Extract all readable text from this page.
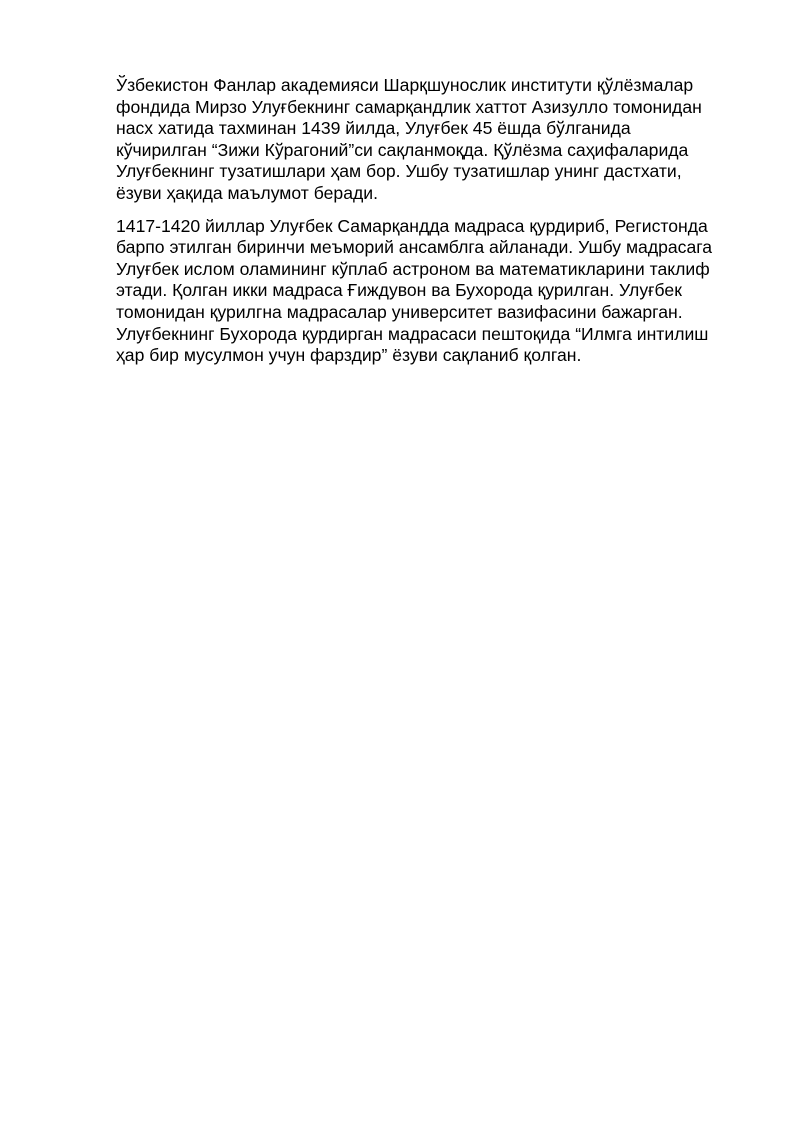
Ўзбекистон Фанлар академияси Шарқшунослик институти қўлёзмалар
фондида Мирзо Улуғбекнинг самарқандлик хаттот Азизулло томонидан
насх хатида тахминан 1439 йилда, Улуғбек 45 ёшда бўлганида
кўчирилган “Зижи Кўрагоний”си сақланмоқда. Қўлёзма саҳифаларида
Улуғбекнинг тузатишлари ҳам бор. Ушбу тузатишлар унинг дастхати,
ёзуви ҳақида маълумот беради.

1417-1420 йиллар Улуғбек Самарқандда мадраса қурдириб, Регистонда
барпо этилган биринчи меъморий ансамблга айланади. Ушбу мадрасага
Улуғбек ислом оламининг кўплаб астроном ва математикларини таклиф
этади. Қолган икки мадраса Ғиждувон ва Бухорода қурилган. Улуғбек
томонидан қурилгна мадрасалар университет вазифасини бажарган.
Улуғбекнинг Бухорода қурдирган мадрасаси пештоқида “Илмга интилиш
ҳар бир мусулмон учун фарздир” ёзуви сақланиб қолган.
